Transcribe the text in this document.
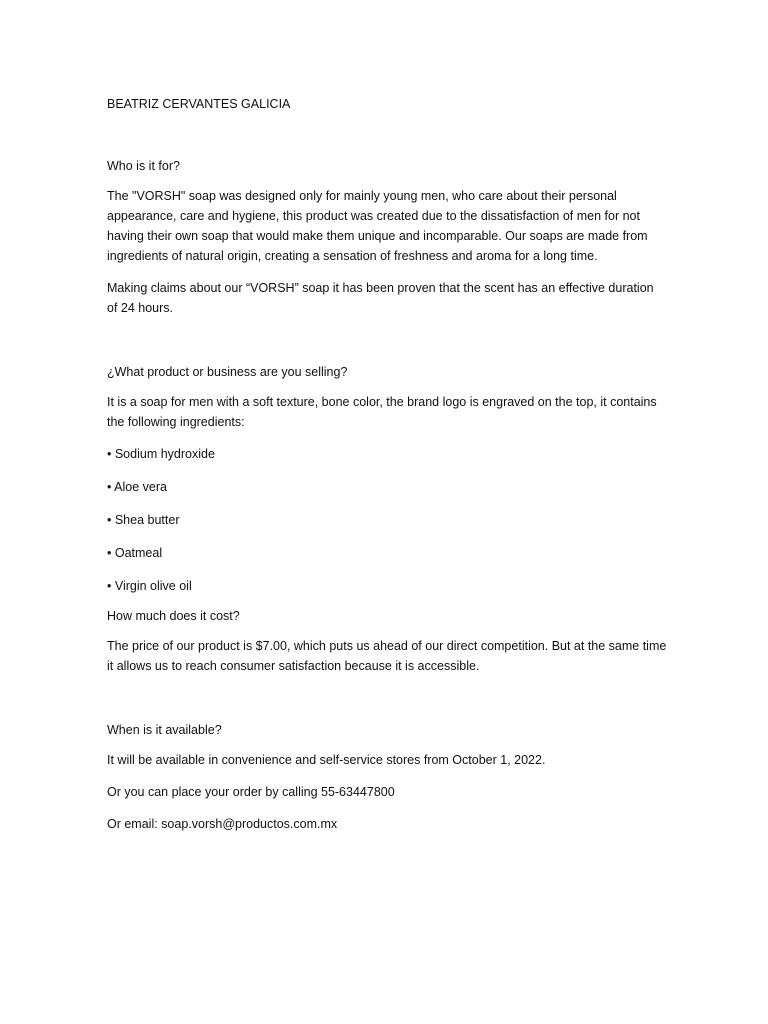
BEATRIZ CERVANTES GALICIA

Who is it for?

The "VORSH" soap was designed only for mainly young men, who care about their personal appearance, care and hygiene, this product was created due to the dissatisfaction of men for not having their own soap that would make them unique and incomparable. Our soaps are made from ingredients of natural origin, creating a sensation of freshness and aroma for a long time.

Making claims about our “VORSH” soap it has been proven that the scent has an effective duration of 24 hours.

¿What product or business are you selling?

It is a soap for men with a soft texture, bone color, the brand logo is engraved on the top, it contains the following ingredients:

• Sodium hydroxide

• Aloe vera

• Shea butter

• Oatmeal

• Virgin olive oil

How much does it cost?

The price of our product is $7.00, which puts us ahead of our direct competition. But at the same time it allows us to reach consumer satisfaction because it is accessible.

When is it available?

It will be available in convenience and self-service stores from October 1, 2022.

Or you can place your order by calling 55-63447800

Or email: soap.vorsh@productos.com.mx
